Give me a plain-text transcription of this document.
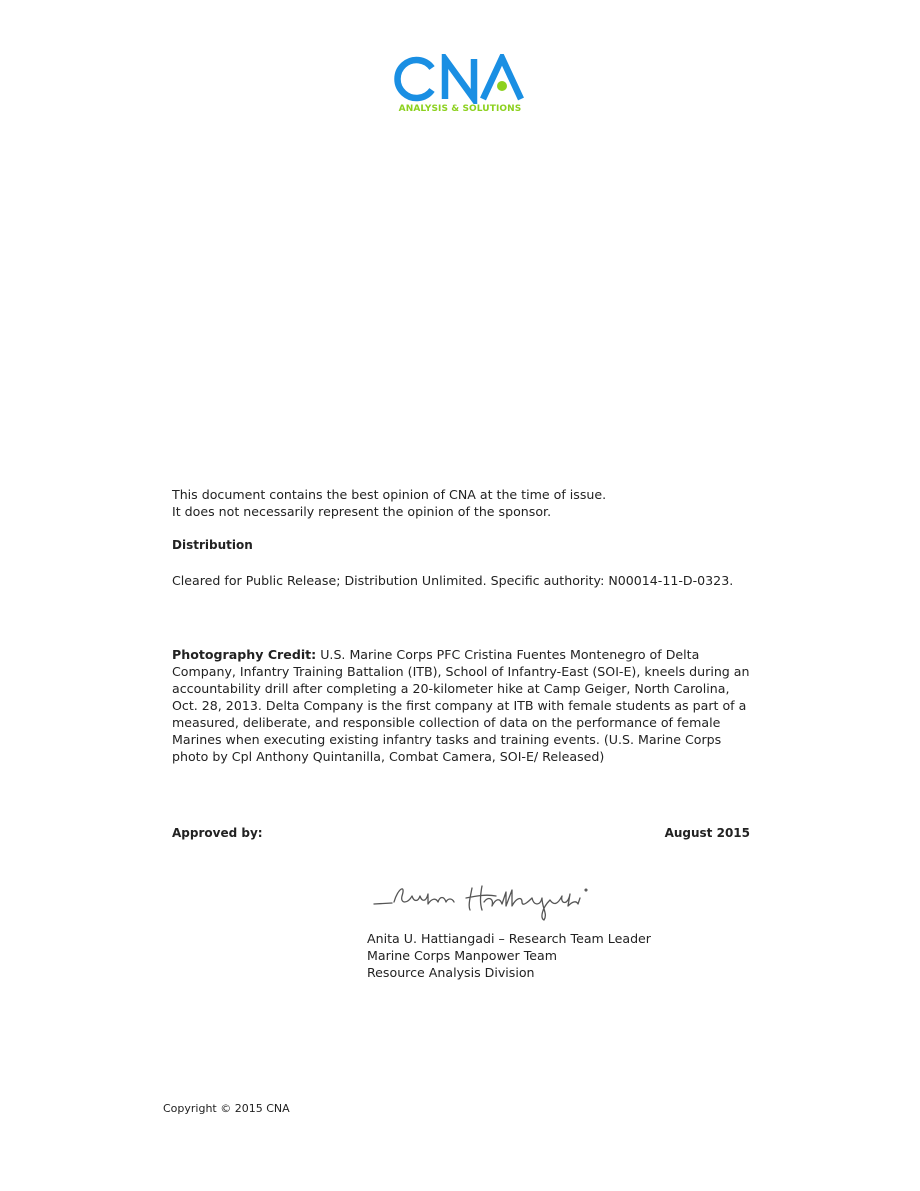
ANALYSIS & SOLUTIONS

This document contains the best opinion of CNA at the time of issue.

It does not necessarily represent the opinion of the sponsor.

Distribution

Cleared for Public Release; Distribution Unlimited. Specific authority: N00014-11-D-0323.

Photography Credit: U.S. Marine Corps PFC Cristina Fuentes Montenegro of Delta Company, Infantry Training Battalion (ITB), School of Infantry-East (SOI-E), kneels during an accountability drill after completing a 20-kilometer hike at Camp Geiger, North Carolina, Oct. 28, 2013. Delta Company is the first company at ITB with female students as part of a measured, deliberate, and responsible collection of data on the performance of female Marines when executing existing infantry tasks and training events. (U.S. Marine Corps photo by Cpl Anthony Quintanilla, Combat Camera, SOI-E/ Released)

Approved by:	August 2015

Anita U. Hattiangadi – Research Team Leader

Marine Corps Manpower Team

Resource Analysis Division

Copyright © 2015 CNA
